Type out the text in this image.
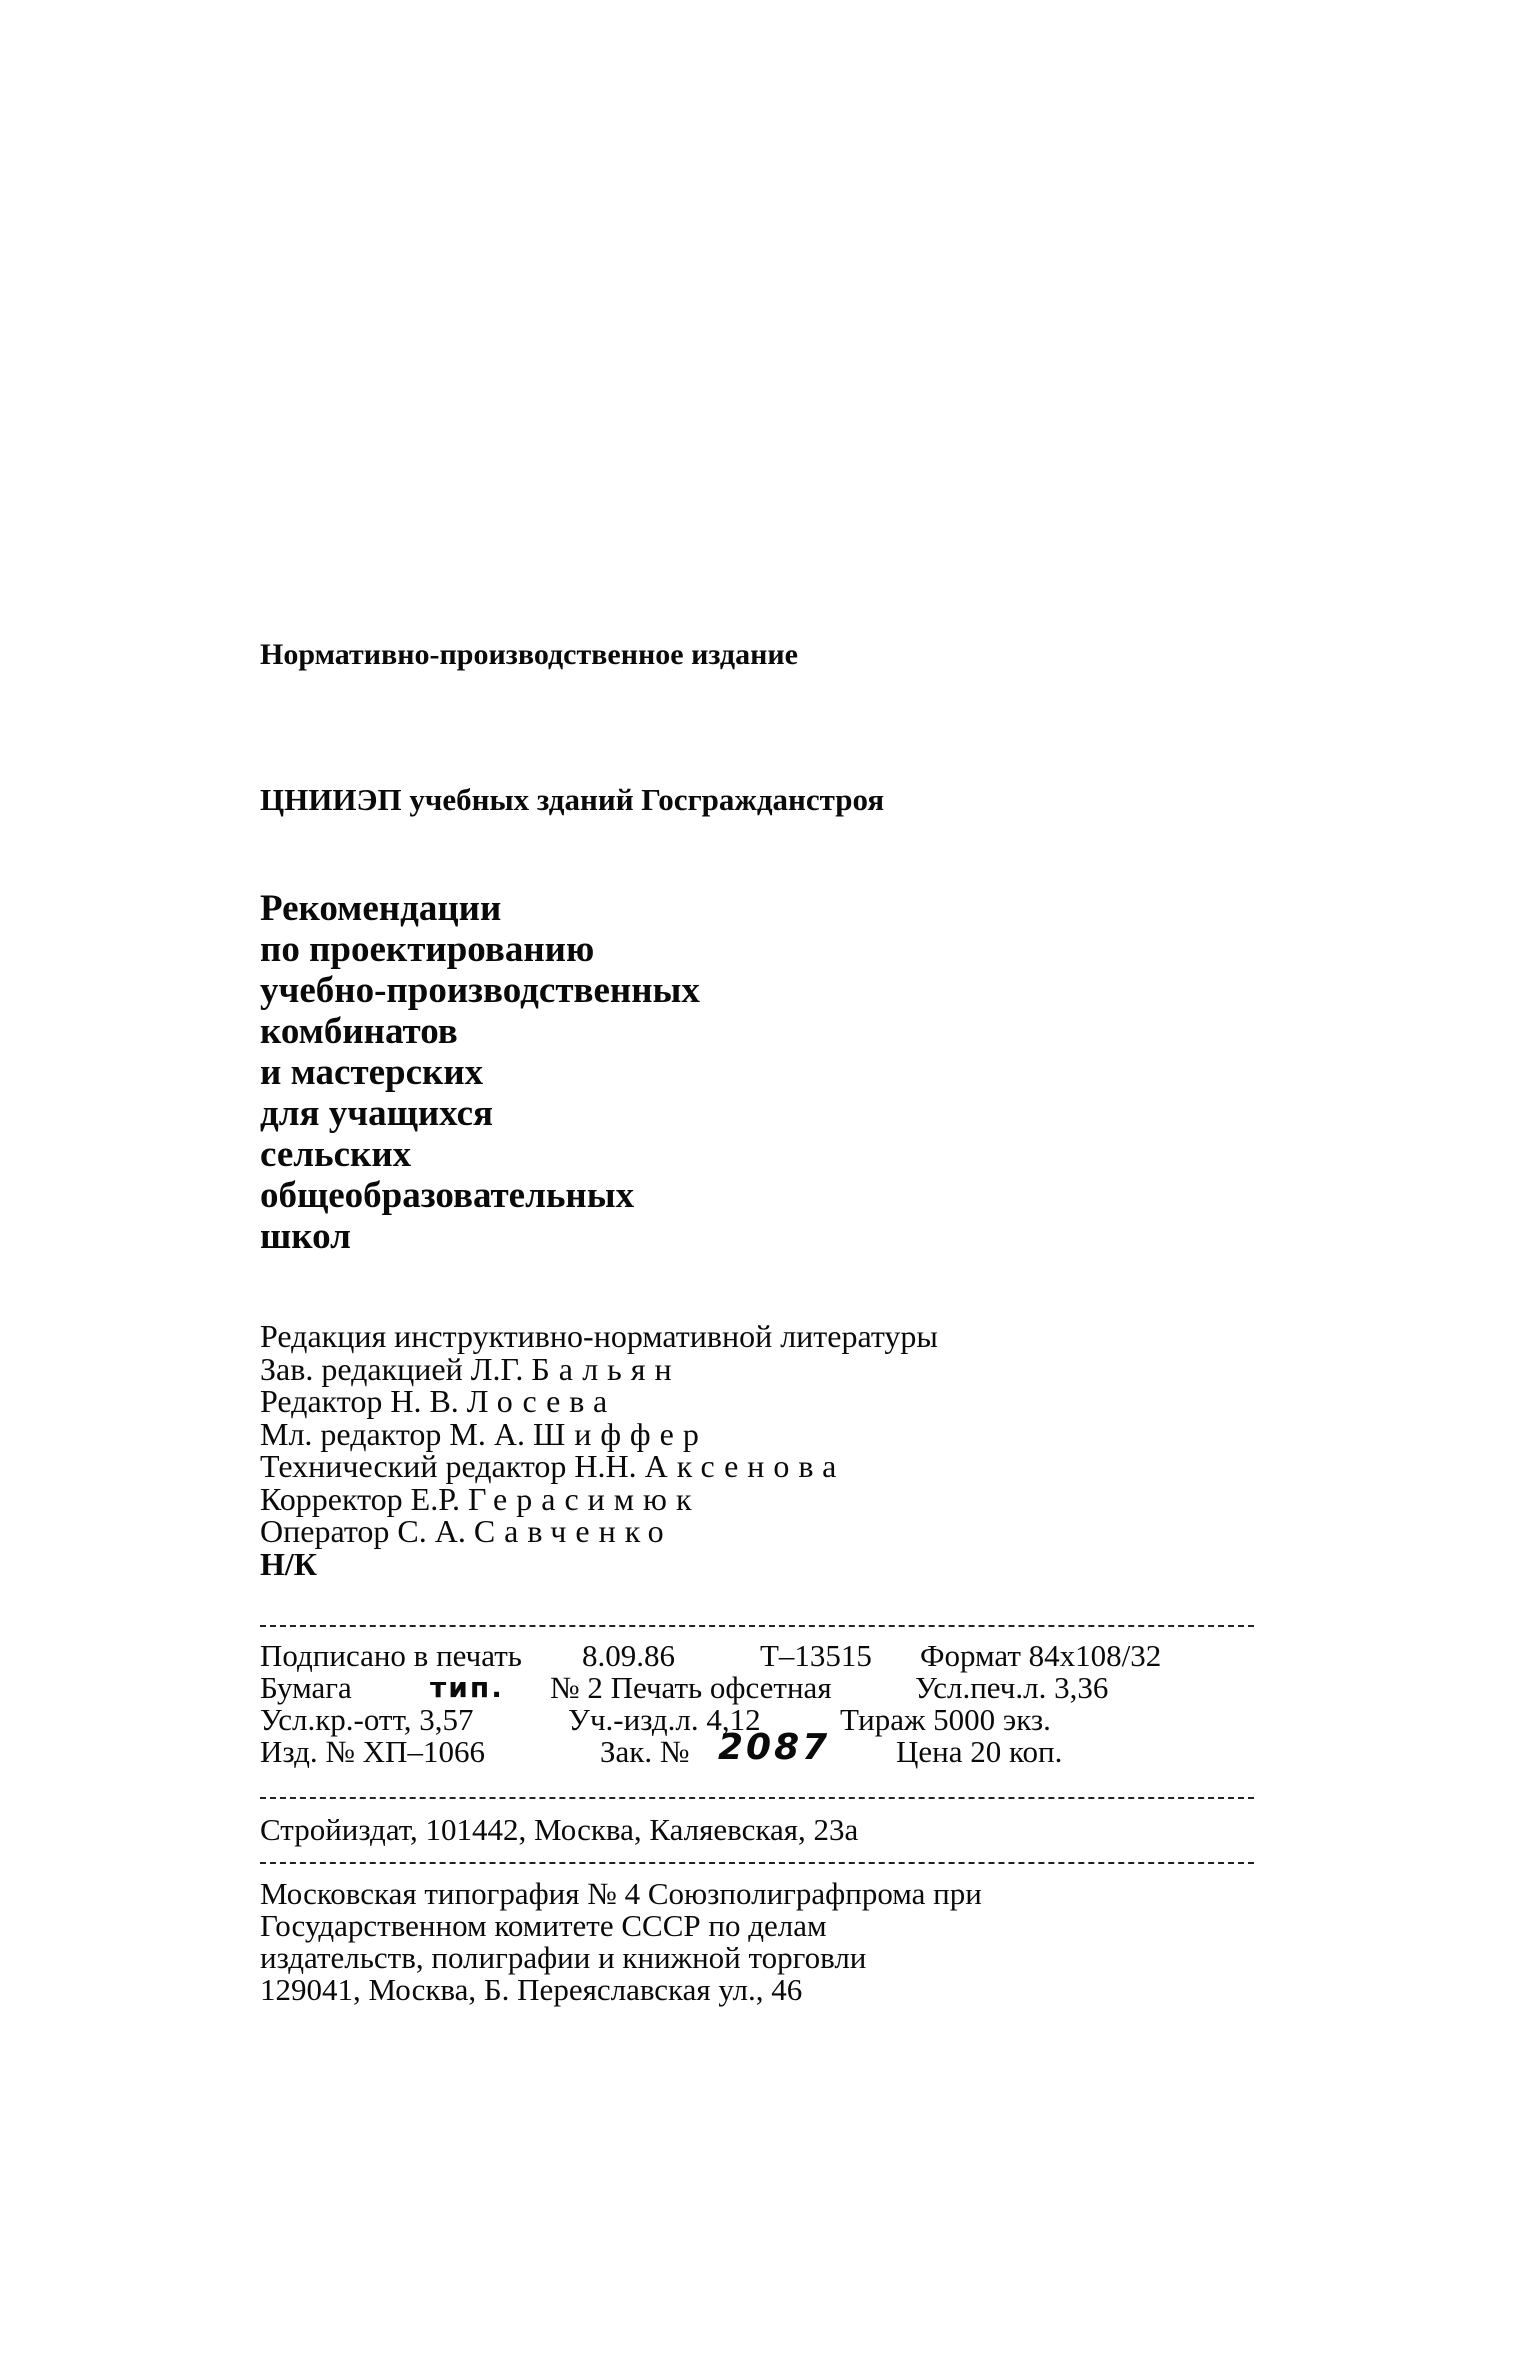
Нормативно-производственное издание
ЦНИИЭП учебных зданий Госгражданстроя
Рекомендации
по проектированию
учебно-производственных
комбинатов
и мастерских
для учащихся
сельских
общеобразовательных
школ
Редакция инструктивно-нормативной литературы
Зав. редакцией Л.Г. Бальян
Редактор Н. В. Лосева
Мл. редактор М. А. Шиффер
Технический редактор Н.Н. Аксенова
Корректор Е.Р. Герасимюк
Оператор С. А. Савченко
Н/К
Подписано в печать 8.09.86	Т–13515 Формат 84x108/32
Бумага	тип. № 2 Печать офсетная	Усл.печ.л. 3,36
Усл.кр.-отт, 3,57	Уч.-изд.л. 4,12	Тираж 5000 экз.
Изд. № ХП–1066	Зак. № 2087 Цена 20 коп.
Стройиздат, 101442, Москва, Каляевская, 23а
Московская типография № 4 Союзполиграфпрома при
Государственном комитете СССР по делам
издательств, полиграфии и книжной торговли
129041, Москва, Б. Переяславская ул., 46
